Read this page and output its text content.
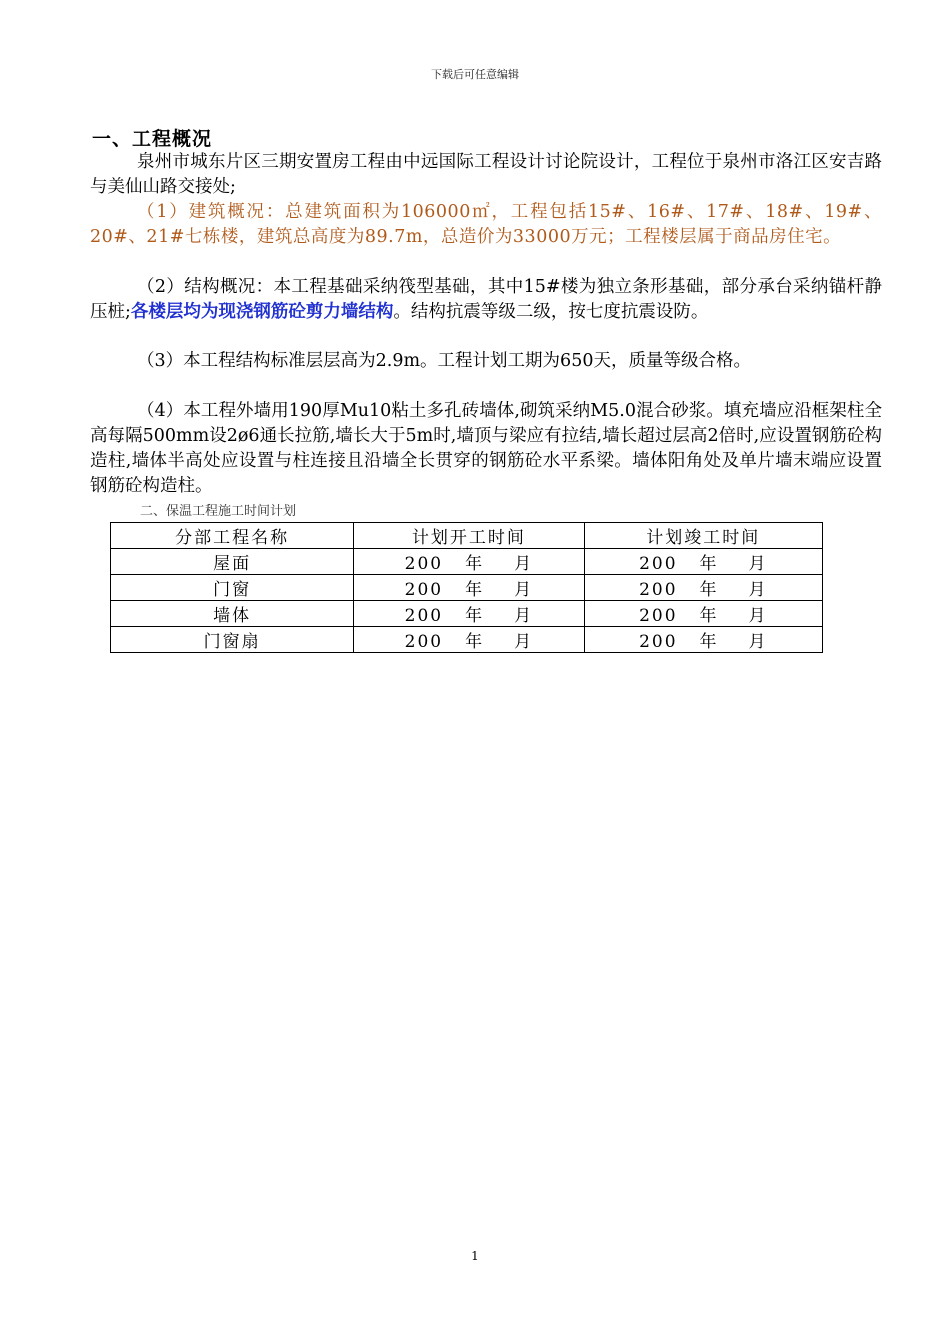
下载后可任意编辑
一、工程概况
泉州市城东片区三期安置房工程由中远国际工程设计讨论院设计，工程位于泉州市洛江区安吉路与美仙山路交接处;
（1）建筑概况：总建筑面积为106000㎡，工程包括15#、16#、17#、18#、19#、20#、21#七栋楼，建筑总高度为89.7m，总造价为33000万元；工程楼层属于商品房住宅。
（2）结构概况：本工程基础采纳筏型基础，其中15#楼为独立条形基础，部分承台采纳锚杆静压桩;各楼层均为现浇钢筋砼剪力墙结构。结构抗震等级二级，按七度抗震设防。
（3）本工程结构标准层层高为2.9m。工程计划工期为650天，质量等级合格。
（4）本工程外墙用190厚Mu10粘土多孔砖墙体,砌筑采纳M5.0混合砂浆。填充墙应沿框架柱全高每隔500mm设2ø6通长拉筋,墙长大于5m时,墙顶与梁应有拉结,墙长超过层高2倍时,应设置钢筋砼构造柱,墙体半高处应设置与柱连接且沿墙全长贯穿的钢筋砼水平系梁。墙体阳角处及单片墙末端应设置钢筋砼构造柱。
二、保温工程施工时间计划
分部工程名称	计划开工时间	计划竣工时间
屋面	200 年 月	200 年 月
门窗	200 年 月	200 年 月
墙体	200 年 月	200 年 月
门窗扇	200 年 月	200 年 月
1
